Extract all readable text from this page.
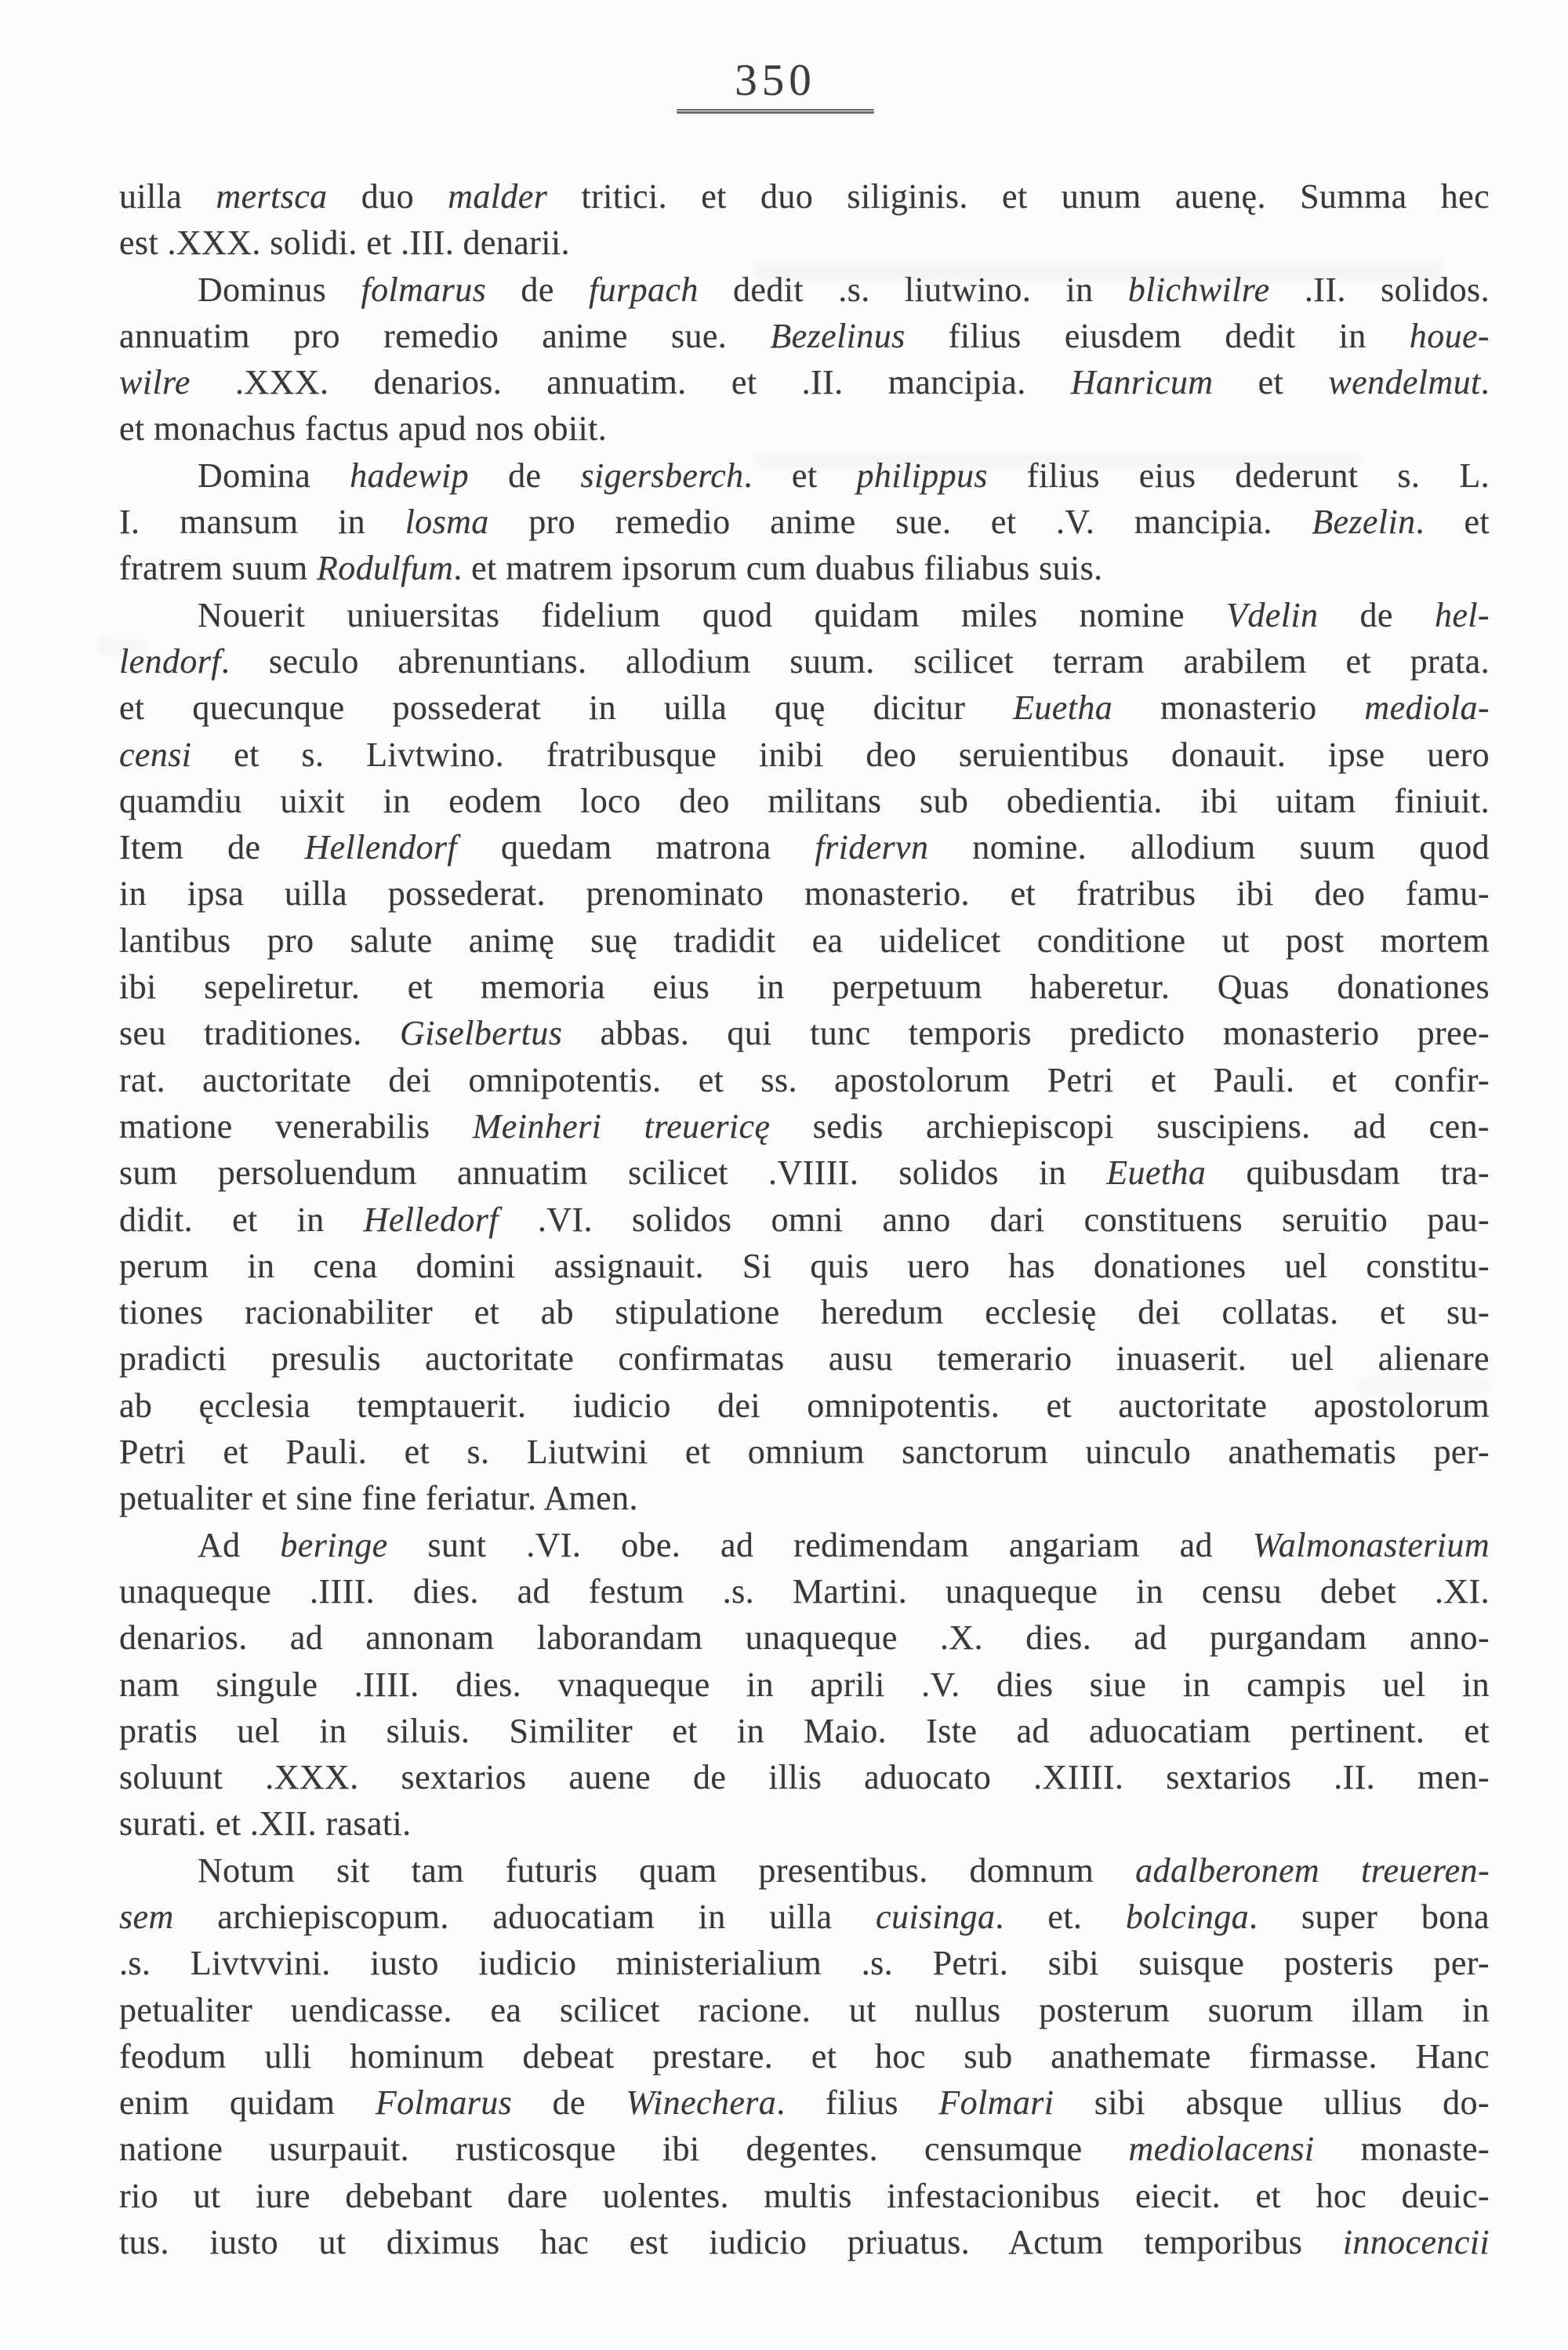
350
uilla mertsca duo malder tritici. et duo siliginis. et unum auenę. Summa hec
est .XXX. solidi. et .III. denarii.
Dominus folmarus de furpach dedit .s. liutwino. in blichwilre .II. solidos.
annuatim pro remedio anime sue. Bezelinus filius eiusdem dedit in houe-
wilre .XXX. denarios. annuatim. et .II. mancipia. Hanricum et wendelmut.
et monachus factus apud nos obiit.
Domina hadewip de sigersberch. et philippus filius eius dederunt s. L.
I. mansum in losma pro remedio anime sue. et .V. mancipia. Bezelin. et
fratrem suum Rodulfum. et matrem ipsorum cum duabus filiabus suis.
Nouerit uniuersitas fidelium quod quidam miles nomine Vdelin de hel-
lendorf. seculo abrenuntians. allodium suum. scilicet terram arabilem et prata.
et quecunque possederat in uilla quę dicitur Euetha monasterio mediola-
censi et s. Livtwino. fratribusque inibi deo seruientibus donauit. ipse uero
quamdiu uixit in eodem loco deo militans sub obedientia. ibi uitam finiuit.
Item de Hellendorf quedam matrona fridervn nomine. allodium suum quod
in ipsa uilla possederat. prenominato monasterio. et fratribus ibi deo famu-
lantibus pro salute animę suę tradidit ea uidelicet conditione ut post mortem
ibi sepeliretur. et memoria eius in perpetuum haberetur. Quas donationes
seu traditiones. Giselbertus abbas. qui tunc temporis predicto monasterio pree-
rat. auctoritate dei omnipotentis. et ss. apostolorum Petri et Pauli. et confir-
matione venerabilis Meinheri treuericę sedis archiepiscopi suscipiens. ad cen-
sum persoluendum annuatim scilicet .VIIII. solidos in Euetha quibusdam tra-
didit. et in Helledorf .VI. solidos omni anno dari constituens seruitio pau-
perum in cena domini assignauit. Si quis uero has donationes uel constitu-
tiones racionabiliter et ab stipulatione heredum ecclesię dei collatas. et su-
pradicti presulis auctoritate confirmatas ausu temerario inuaserit. uel alienare
ab ęcclesia temptauerit. iudicio dei omnipotentis. et auctoritate apostolorum
Petri et Pauli. et s. Liutwini et omnium sanctorum uinculo anathematis per-
petualiter et sine fine feriatur. Amen.
Ad beringe sunt .VI. obe. ad redimendam angariam ad Walmonasterium
unaqueque .IIII. dies. ad festum .s. Martini. unaqueque in censu debet .XI.
denarios. ad annonam laborandam unaqueque .X. dies. ad purgandam anno-
nam singule .IIII. dies. vnaqueque in aprili .V. dies siue in campis uel in
pratis uel in siluis. Similiter et in Maio. Iste ad aduocatiam pertinent. et
soluunt .XXX. sextarios auene de illis aduocato .XIIII. sextarios .II. men-
surati. et .XII. rasati.
Notum sit tam futuris quam presentibus. domnum adalberonem treueren-
sem archiepiscopum. aduocatiam in uilla cuisinga. et. bolcinga. super bona
.s. Livtvvini. iusto iudicio ministerialium .s. Petri. sibi suisque posteris per-
petualiter uendicasse. ea scilicet racione. ut nullus posterum suorum illam in
feodum ulli hominum debeat prestare. et hoc sub anathemate firmasse. Hanc
enim quidam Folmarus de Winechera. filius Folmari sibi absque ullius do-
natione usurpauit. rusticosque ibi degentes. censumque mediolacensi monaste-
rio ut iure debebant dare uolentes. multis infestacionibus eiecit. et hoc deuic-
tus. iusto ut diximus hac est iudicio priuatus. Actum temporibus innocencii
